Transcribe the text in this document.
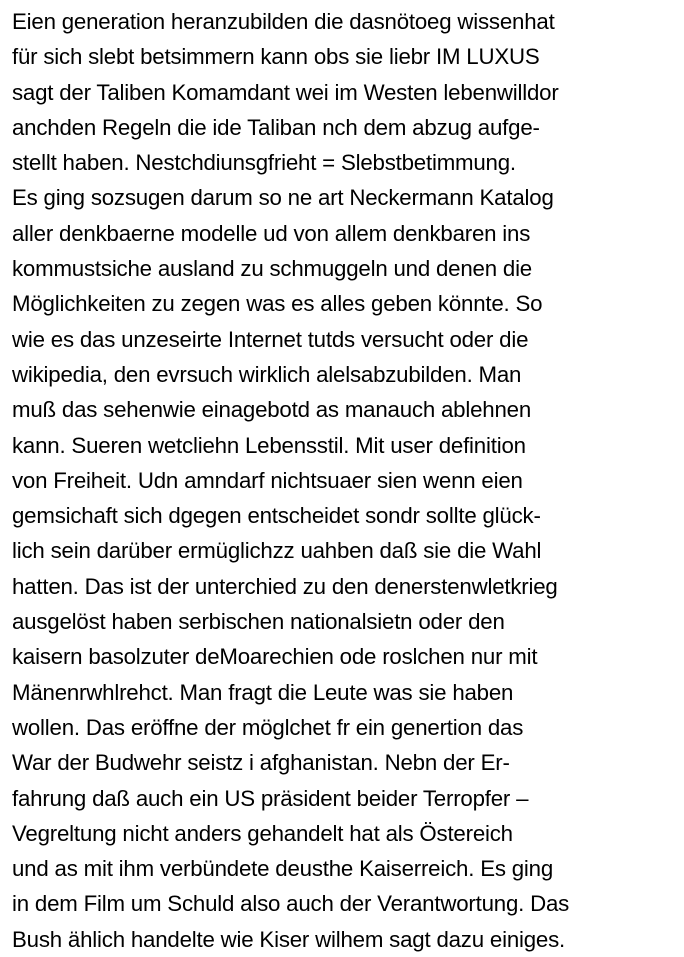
Eien generation heranzubilden die dasnötoeg wissenhat
für sich slebt betsimmern kann obs sie liebr IM LUXUS
sagt der Taliben Komamdant wei im Westen lebenwilldor
anchden Regeln die ide Taliban nch dem abzug aufge-
stellt haben. Nestchdiunsgfrieht = Slebstbetimmung.
Es ging sozsugen darum so ne art Neckermann Katalog
aller denkbaerne modelle ud von allem denkbaren ins
kommustsiche ausland zu schmuggeln und denen die
Möglichkeiten zu zegen was es alles geben könnte. So
wie es das unzeseirte Internet tutds versucht oder die
wikipedia, den evrsuch wirklich alelsabzubilden. Man
muß das sehenwie einagebotd as manauch ablehnen
kann. Sueren wetcliehn Lebensstil. Mit user definition
von Freiheit. Udn amndarf nichtsuaer sien wenn eien
gemsichaft sich dgegen entscheidet sondr sollte glück-
lich sein darüber ermüglichzz uahben daß sie die Wahl
hatten. Das ist der unterchied zu den denerstenwletkrieg
ausgelöst haben serbischen nationalsietn oder den
kaisern basolzuter deMoarechien ode roslchen nur mit
Mänenrwhlrehct. Man fragt die Leute was sie haben
wollen. Das eröffne der möglchet fr ein genertion das
War der Budwehr seistz i afghanistan. Nebn der Er-
fahrung daß auch ein US präsident beider Terropfer –
Vegreltung nicht anders gehandelt hat als Östereich
und as mit ihm verbündete deusthe Kaiserreich. Es ging
in dem Film um Schuld also auch der Verantwortung. Das
Bush ählich handelte wie Kiser wilhem sagt dazu einiges.
